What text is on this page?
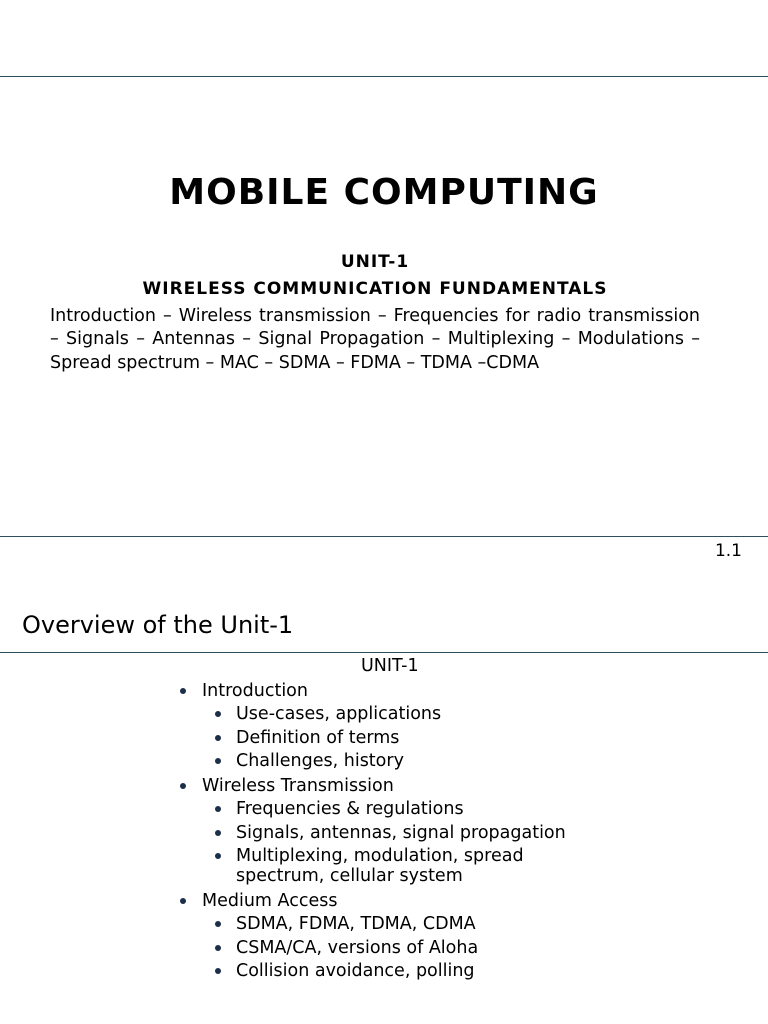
MOBILE COMPUTING
UNIT-1
WIRELESS COMMUNICATION FUNDAMENTALS

Introduction – Wireless transmission – Frequencies for radio transmission – Signals – Antennas – Signal Propagation – Multiplexing – Modulations – Spread spectrum – MAC – SDMA – FDMA – TDMA –CDMA

1.1
Overview of the Unit-1
UNIT-1
Introduction
Use-cases, applications
Definition of terms
Challenges, history
Wireless Transmission
Frequencies & regulations
Signals, antennas, signal propagation
Multiplexing, modulation, spread spectrum, cellular system
Medium Access
SDMA, FDMA, TDMA, CDMA
CSMA/CA, versions of Aloha
Collision avoidance, polling
